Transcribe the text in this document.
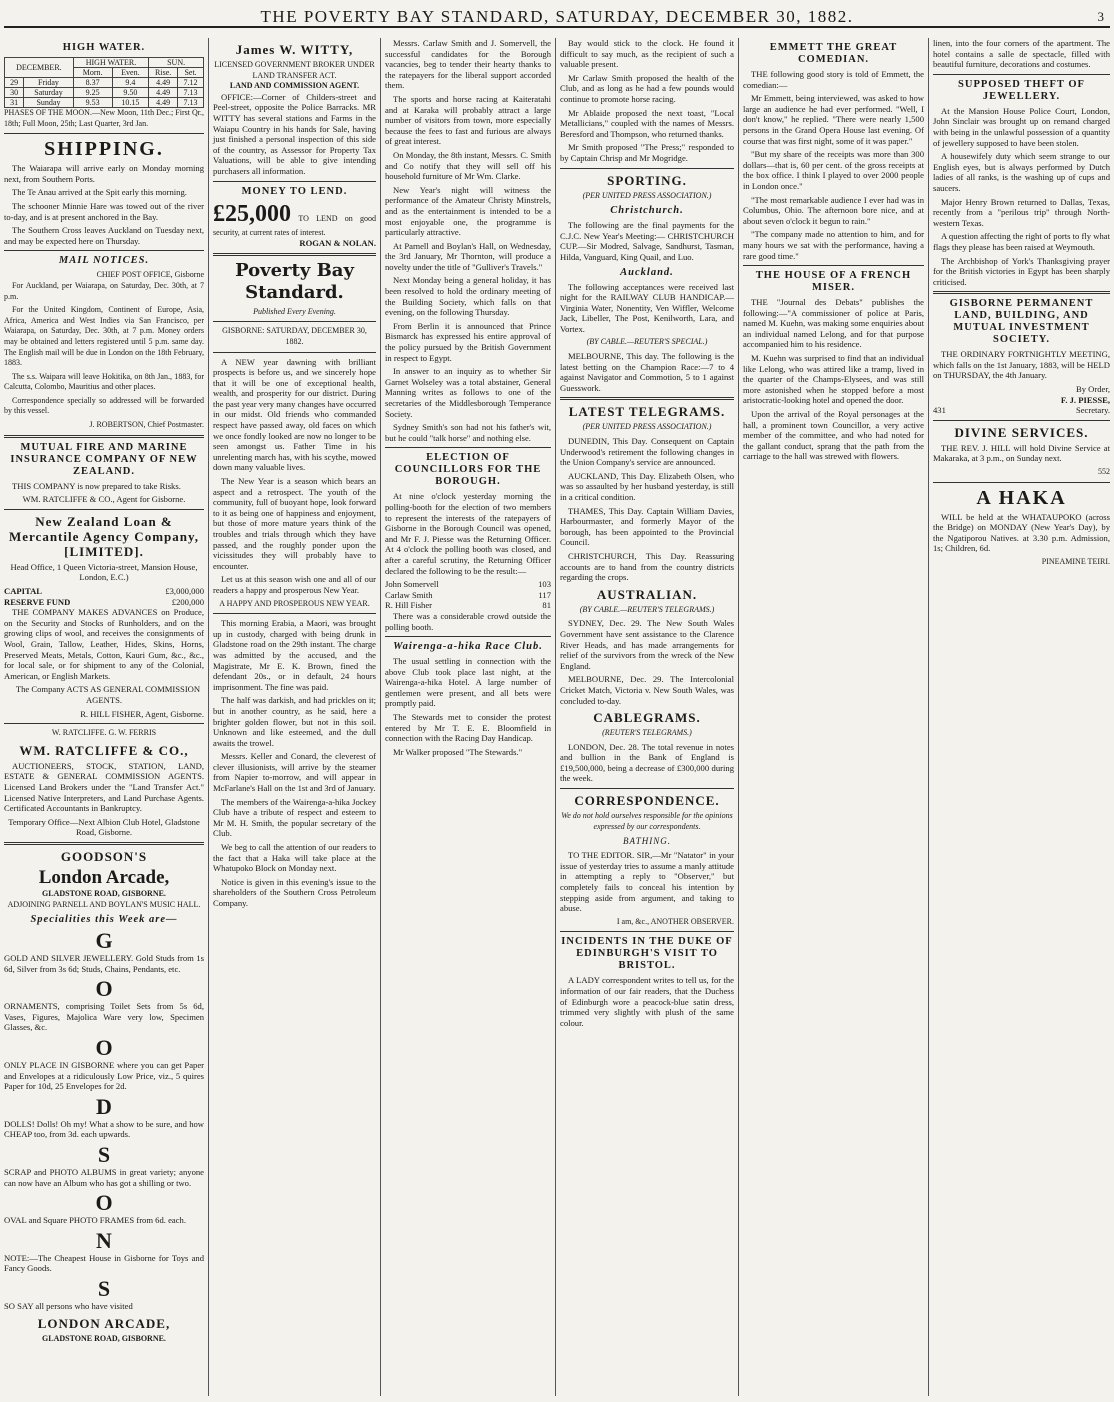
THE POVERTY BAY STANDARD, SATURDAY, DECEMBER 30, 1882.	3
HIGH WATER.
DECEMBER.		HIGH WATER.		SUN.	
		Morn.	Even.	Rise.	Set.
29	Friday	8.37	9.4	4.49	7.12
30	Saturday	9.25	9.50	4.49	7.13
31	Sunday	9.53	10.15	4.49	7.13

PHASES OF THE MOON.—New Moon, 11th Dec.; First Qr., 18th; Full Moon, 25th; Last Quarter, 3rd Jan.

SHIPPING.

The Waiarapa will arrive early on Monday morning next, from Southern Ports.

The Te Anau arrived at the Spit early this morning.

The schooner Minnie Hare was towed out of the river to-day, and is at present anchored in the Bay.

The Southern Cross leaves Auckland on Tuesday next, and may be expected here on Thursday.

MAIL NOTICES.
CHIEF POST OFFICE, Gisborne

For Auckland, per Waiarapa, on Saturday, Dec. 30th, at 7 p.m.

For the United Kingdom, Continent of Europe, Asia, Africa, America and West Indies via San Francisco, per Waiarapa, on Saturday, Dec. 30th, at 7 p.m. Money orders may be obtained and letters registered until 5 p.m. same day. The English mail will be due in London on the 18th February, 1883.

The s.s. Waipara will leave Hokitika, on 8th Jan., 1883, for Calcutta, Colombo, Mauritius and other places.

Correspondence specially so addressed will be forwarded by this vessel.

J. ROBERTSON, Chief Postmaster.
MUTUAL FIRE AND MARINE INSURANCE COMPANY OF NEW ZEALAND.

THIS COMPANY is now prepared to take Risks.

WM. RATCLIFFE & CO., Agent for Gisborne.
New Zealand Loan & Mercantile Agency Company, [LIMITED].

Head Office, 1 Queen Victoria-street, Mansion House, London, E.C.)

CAPITAL	£3,000,000
RESERVE FUND	£200,000

THE COMPANY MAKES ADVANCES on Produce, on the Security and Stocks of Runholders, and on the growing clips of wool, and receives the consignments of Wool, Grain, Tallow, Leather, Hides, Skins, Horns, Preserved Meats, Metals, Cotton, Kauri Gum, &c., &c., for local sale, or for shipment to any of the Colonial, American, or English Markets.

The Company ACTS AS GENERAL COMMISSION AGENTS.

R. HILL FISHER, Agent, Gisborne.
W. RATCLIFFE. G. W. FERRIS
WM. RATCLIFFE & CO.,

AUCTIONEERS, STOCK, STATION, LAND, ESTATE & GENERAL COMMISSION AGENTS. Licensed Land Brokers under the "Land Transfer Act." Licensed Native Interpreters, and Land Purchase Agents. Certificated Accountants in Bankruptcy.

Temporary Office—Next Albion Club Hotel, Gladstone Road, Gisborne.

GOODSON'S
London Arcade,
GLADSTONE ROAD, GISBORNE.
ADJOINING PARNELL AND BOYLAN'S MUSIC HALL.
Specialities this Week are—
G

GOLD AND SILVER JEWELLERY. Gold Studs from 1s 6d, Silver from 3s 6d; Studs, Chains, Pendants, etc.

O

ORNAMENTS, comprising Toilet Sets from 5s 6d, Vases, Figures, Majolica Ware very low, Specimen Glasses, &c.

O

ONLY PLACE IN GISBORNE where you can get Paper and Envelopes at a ridiculously Low Price, viz., 5 quires Paper for 10d, 25 Envelopes for 2d.

D

DOLLS! Dolls! Oh my! What a show to be sure, and how CHEAP too, from 3d. each upwards.

S

SCRAP and PHOTO ALBUMS in great variety; anyone can now have an Album who has got a shilling or two.

O

OVAL and Square PHOTO FRAMES from 6d. each.

N

NOTE:—The Cheapest House in Gisborne for Toys and Fancy Goods.

S

SO SAY all persons who have visited

LONDON ARCADE,
GLADSTONE ROAD, GISBORNE.
James W. WITTY,
LICENSED GOVERNMENT BROKER UNDER LAND TRANSFER ACT.
LAND AND COMMISSION AGENT.

OFFICE:—Corner of Childers-street and Peel-street, opposite the Police Barracks. MR WITTY has several stations and Farms in the Waiapu Country in his hands for Sale, having just finished a personal inspection of this side of the country, as Assessor for Property Tax Valuations, will be able to give intending purchasers all information.

MONEY TO LEND.
£25,000 TO LEND on good security, at current rates of interest.
ROGAN & NOLAN.
Poverty Bay Standard.
Published Every Evening.
GISBORNE: SATURDAY, DECEMBER 30, 1882.

A NEW year dawning with brilliant prospects is before us, and we sincerely hope that it will be one of exceptional health, wealth, and prosperity for our district. During the past year very many changes have occurred in our midst. Old friends who commanded respect have passed away, old faces on which we once fondly looked are now no longer to be seen amongst us. Father Time in his unrelenting march has, with his scythe, mowed down many valuable lives.

The New Year is a season which bears an aspect and a retrospect. The youth of the community, full of buoyant hope, look forward to it as being one of happiness and enjoyment, but those of more mature years think of the troubles and trials through which they have passed, and the roughly ponder upon the vicissitudes they will probably have to encounter.

Let us at this season wish one and all of our readers a happy and prosperous New Year.

A HAPPY AND PROSPEROUS NEW YEAR.

This morning Erabia, a Maori, was brought up in custody, charged with being drunk in Gladstone road on the 29th instant. The charge was admitted by the accused, and the Magistrate, Mr E. K. Brown, fined the defendant 20s., or in default, 24 hours imprisonment. The fine was paid.

The half was darkish, and had prickles on it; but in another country, as he said, here a brighter golden flower, but not in this soil. Unknown and like esteemed, and the dull awaits the trowel.

Messrs. Keller and Conard, the cleverest of clever illusionists, will arrive by the steamer from Napier to-morrow, and will appear in McFarlane's Hall on the 1st and 3rd of January.

The members of the Wairenga-a-hika Jockey Club have a tribute of respect and esteem to Mr M. H. Smith, the popular secretary of the Club.

We beg to call the attention of our readers to the fact that a Haka will take place at the Whatupoko Block on Monday next.

Notice is given in this evening's issue to the shareholders of the Southern Cross Petroleum Company.

Messrs. Carlaw Smith and J. Somervell, the successful candidates for the Borough vacancies, beg to tender their hearty thanks to the ratepayers for the liberal support accorded them.

The sports and horse racing at Kaiteratahi and at Karaka will probably attract a large number of visitors from town, more especially because the fees to fast and furious are always of great interest.

On Monday, the 8th instant, Messrs. C. Smith and Co notify that they will sell off his household furniture of Mr Wm. Clarke.

New Year's night will witness the performance of the Amateur Christy Minstrels, and as the entertainment is intended to be a most enjoyable one, the programme is particularly attractive.

At Parnell and Boylan's Hall, on Wednesday, the 3rd January, Mr Thornton, will produce a novelty under the title of "Gulliver's Travels."

Next Monday being a general holiday, it has been resolved to hold the ordinary meeting of the Building Society, which falls on that evening, on the following Thursday.

From Berlin it is announced that Prince Bismarck has expressed his entire approval of the policy pursued by the British Government in respect to Egypt.

In answer to an inquiry as to whether Sir Garnet Wolseley was a total abstainer, General Manning writes as follows to one of the secretaries of the Middlesborough Temperance Society.

Sydney Smith's son had not his father's wit, but he could "talk horse" and nothing else.

ELECTION OF COUNCILLORS FOR THE BOROUGH.

At nine o'clock yesterday morning the polling-booth for the election of two members to represent the interests of the ratepayers of Gisborne in the Borough Council was opened, and Mr F. J. Piesse was the Returning Officer. At 4 o'clock the polling booth was closed, and after a careful scrutiny, the Returning Officer declared the following to be the result:—

John Somervell	103
Carlaw Smith	117
R. Hill Fisher	81

There was a considerable crowd outside the polling booth.

Wairenga-a-hika Race Club.

The usual settling in connection with the above Club took place last night, at the Wairenga-a-hika Hotel. A large number of gentlemen were present, and all bets were promptly paid.

The Stewards met to consider the protest entered by Mr T. E. E. Bloomfield in connection with the Racing Day Handicap.

Mr Walker proposed "The Stewards."

Bay would stick to the clock. He found it difficult to say much, as the recipient of such a valuable present.

Mr Carlaw Smith proposed the health of the Club, and as long as he had a few pounds would continue to promote horse racing.

Mr Ablaide proposed the next toast, "Local Metallicians," coupled with the names of Messrs. Beresford and Thompson, who returned thanks.

Mr Smith proposed "The Press;" responded to by Captain Chrisp and Mr Mogridge.

SPORTING.
(PER UNITED PRESS ASSOCIATION.)
Christchurch.

The following are the final payments for the C.J.C. New Year's Meeting:— CHRISTCHURCH CUP.—Sir Modred, Salvage, Sandhurst, Tasman, Hilda, Vanguard, King Quail, and Luo.

Auckland.

The following acceptances were received last night for the RAILWAY CLUB HANDICAP.—Virginia Water, Nonentity, Ven Wiffler, Welcome Jack, Libeller, The Post, Kenilworth, Lara, and Vortex.

(BY CABLE.—REUTER'S SPECIAL.)

MELBOURNE, This day. The following is the latest betting on the Champion Race:—7 to 4 against Navigator and Commotion, 5 to 1 against Guesswork.

LATEST TELEGRAMS.
(PER UNITED PRESS ASSOCIATION.)

DUNEDIN, This Day. Consequent on Captain Underwood's retirement the following changes in the Union Company's service are announced.

AUCKLAND, This Day. Elizabeth Olsen, who was so assaulted by her husband yesterday, is still in a critical condition.

THAMES, This Day. Captain William Davies, Harbourmaster, and formerly Mayor of the borough, has been appointed to the Provincial Council.

CHRISTCHURCH, This Day. Reassuring accounts are to hand from the country districts regarding the crops.

AUSTRALIAN.
(BY CABLE.—REUTER'S TELEGRAMS.)

SYDNEY, Dec. 29. The New South Wales Government have sent assistance to the Clarence River Heads, and has made arrangements for relief of the survivors from the wreck of the New England.

MELBOURNE, Dec. 29. The Intercolonial Cricket Match, Victoria v. New South Wales, was concluded to-day.

CABLEGRAMS.
(REUTER'S TELEGRAMS.)

LONDON, Dec. 28. The total revenue in notes and bullion in the Bank of England is £19,500,000, being a decrease of £300,000 during the week.

CORRESPONDENCE.
We do not hold ourselves responsible for the opinions expressed by our correspondents.
BATHING.

TO THE EDITOR. SIR,—Mr "Natator" in your issue of yesterday tries to assume a manly attitude in attempting a reply to "Observer," but completely fails to conceal his intention by stepping aside from argument, and taking to abuse.

I am, &c., ANOTHER OBSERVER.
INCIDENTS IN THE DUKE OF EDINBURGH'S VISIT TO BRISTOL.

A LADY correspondent writes to tell us, for the information of our fair readers, that the Duchess of Edinburgh wore a peacock-blue satin dress, trimmed very slightly with plush of the same colour.

EMMETT THE GREAT COMEDIAN.

THE following good story is told of Emmett, the comedian:—

Mr Emmett, being interviewed, was asked to how large an audience he had ever performed. "Well, I don't know," he replied. "There were nearly 1,500 persons in the Grand Opera House last evening. Of course that was first night, some of it was paper."

"But my share of the receipts was more than 300 dollars—that is, 60 per cent. of the gross receipts at the box office. I think I played to over 2000 people in London once."

"The most remarkable audience I ever had was in Columbus, Ohio. The afternoon bore nice, and at about seven o'clock it begun to rain."

"The company made no attention to him, and for many hours we sat with the performance, having a rare good time."

THE HOUSE OF A FRENCH MISER.

THE "Journal des Debats" publishes the following:—"A commissioner of police at Paris, named M. Kuehn, was making some enquiries about an individual named Lelong, and for that purpose accompanied him to his residence.

M. Kuehn was surprised to find that an individual like Lelong, who was attired like a tramp, lived in the quarter of the Champs-Elysees, and was still more astonished when he stopped before a most aristocratic-looking hotel and opened the door.

Upon the arrival of the Royal personages at the hall, a prominent town Councillor, a very active member of the committee, and who had noted for the gallant conduct, sprang that the path from the carriage to the hall was strewed with flowers.

linen, into the four corners of the apartment. The hotel contains a salle de spectacle, filled with beautiful furniture, decorations and costumes.

SUPPOSED THEFT OF JEWELLERY.

At the Mansion House Police Court, London, John Sinclair was brought up on remand charged with being in the unlawful possession of a quantity of jewellery supposed to have been stolen.

A housewifely duty which seem strange to our English eyes, but is always performed by Dutch ladies of all ranks, is the washing up of cups and saucers.

Major Henry Brown returned to Dallas, Texas, recently from a "perilous trip" through North-western Texas.

A question affecting the right of ports to fly what flags they please has been raised at Weymouth.

The Archbishop of York's Thanksgiving prayer for the British victories in Egypt has been sharply criticised.

GISBORNE PERMANENT LAND, BUILDING, AND MUTUAL INVESTMENT SOCIETY.

THE ORDINARY FORTNIGHTLY MEETING, which falls on the 1st January, 1883, will be HELD on THURSDAY, the 4th January.

By Order,
F. J. PIESSE,
431	Secretary.
DIVINE SERVICES.

THE REV. J. HILL will hold Divine Service at Makaraka, at 3 p.m., on Sunday next.

552
A HAKA

WILL be held at the WHATAUPOKO (across the Bridge) on MONDAY (New Year's Day), by the Ngatiporou Natives. at 3.30 p.m. Admission, 1s; Children, 6d.

PINEAMINE TEIRI.
